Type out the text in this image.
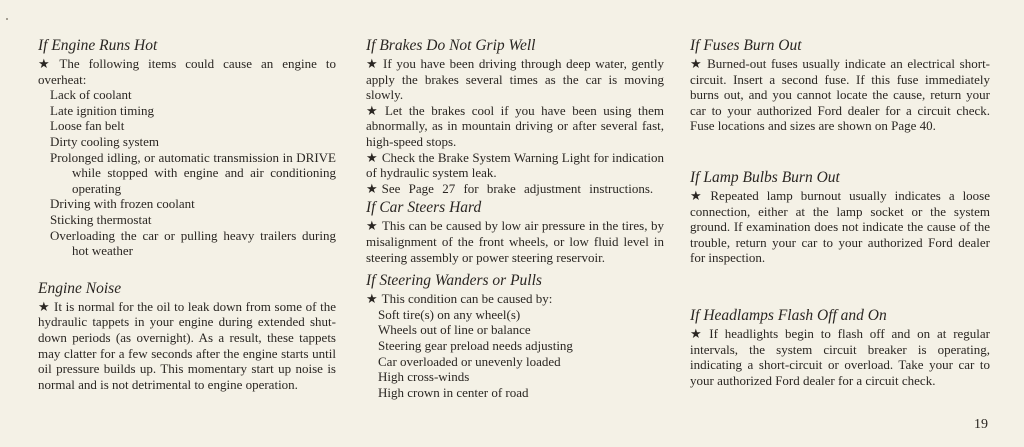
If Engine Runs Hot

★ The following items could cause an engine to overheat:

Lack of coolant
Late ignition timing
Loose fan belt
Dirty cooling system
Prolonged idling, or automatic transmission in DRIVE while stopped with engine and air conditioning operating
Driving with frozen coolant
Sticking thermostat
Overloading the car or pulling heavy trailers during hot weather
Engine Noise

★ It is normal for the oil to leak down from some of the hydraulic tappets in your engine during extended shut-down periods (as overnight). As a result, these tappets may clatter for a few seconds after the engine starts until oil pressure builds up. This momentary start up noise is normal and is not detrimental to engine operation.

If Brakes Do Not Grip Well

★ If you have been driving through deep water, gently apply the brakes several times as the car is moving slowly.

★ Let the brakes cool if you have been using them abnormally, as in mountain driving or after several fast, high-speed stops.

★ Check the Brake System Warning Light for indication of hydraulic system leak.

★ See Page 27 for brake adjustment instructions.

If Car Steers Hard

★ This can be caused by low air pressure in the tires, by misalignment of the front wheels, or low fluid level in steering assembly or power steering reservoir.

If Steering Wanders or Pulls

★ This condition can be caused by:

Soft tire(s) on any wheel(s)
Wheels out of line or balance
Steering gear preload needs adjusting
Car overloaded or unevenly loaded
High cross-winds
High crown in center of road
If Fuses Burn Out

★ Burned-out fuses usually indicate an electrical short-circuit. Insert a second fuse. If this fuse immediately burns out, and you cannot locate the cause, return your car to your authorized Ford dealer for a circuit check. Fuse locations and sizes are shown on Page 40.

If Lamp Bulbs Burn Out

★ Repeated lamp burnout usually indicates a loose connection, either at the lamp socket or the system ground. If examination does not indicate the cause of the trouble, return your car to your authorized Ford dealer for inspection.

If Headlamps Flash Off and On

★ If headlights begin to flash off and on at regular intervals, the system circuit breaker is operating, indicating a short-circuit or overload. Take your car to your authorized Ford dealer for a circuit check.

19
